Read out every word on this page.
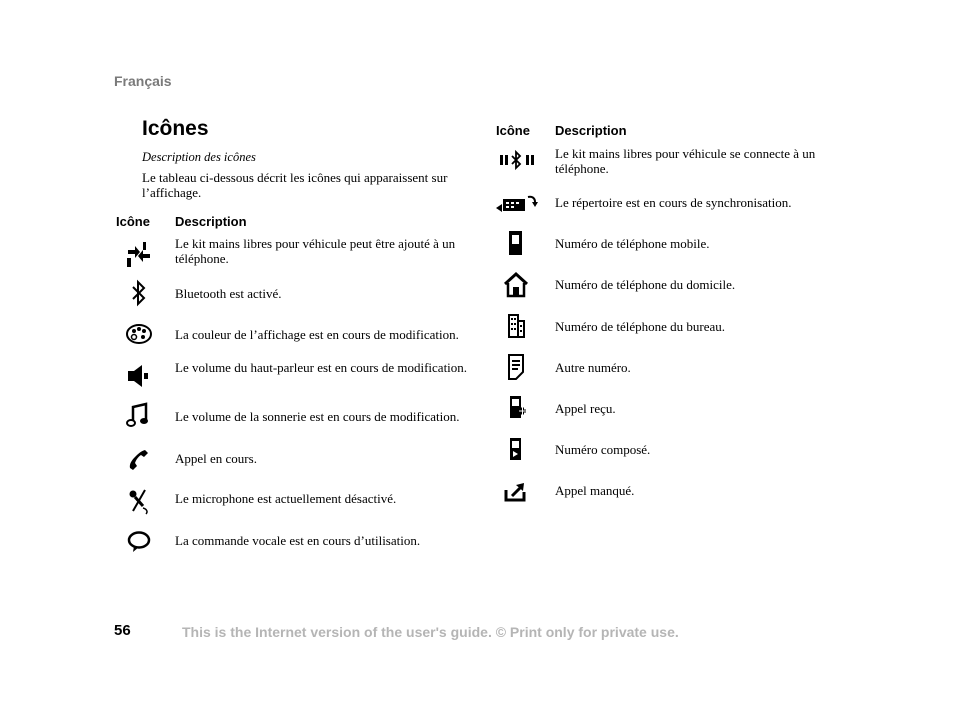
Français
Icônes
Description des icônes
Le tableau ci-dessous décrit les icônes qui apparaissent sur l’affichage.
Icône Description
Le kit mains libres pour véhicule peut être ajouté à un téléphone.
Bluetooth est activé.
La couleur de l’affichage est en cours de modification.
Le volume du haut-parleur est en cours de modification.
Le volume de la sonnerie est en cours de modification.
Appel en cours.
Le microphone est actuellement désactivé.
La commande vocale est en cours d’utilisation.
Icône Description
Le kit mains libres pour véhicule se connecte à un téléphone.
Le répertoire est en cours de synchronisation.
Numéro de téléphone mobile.
Numéro de téléphone du domicile.
Numéro de téléphone du bureau.
Autre numéro.
Appel reçu.
Numéro composé.
Appel manqué.
56	This is the Internet version of the user's guide. © Print only for private use.
